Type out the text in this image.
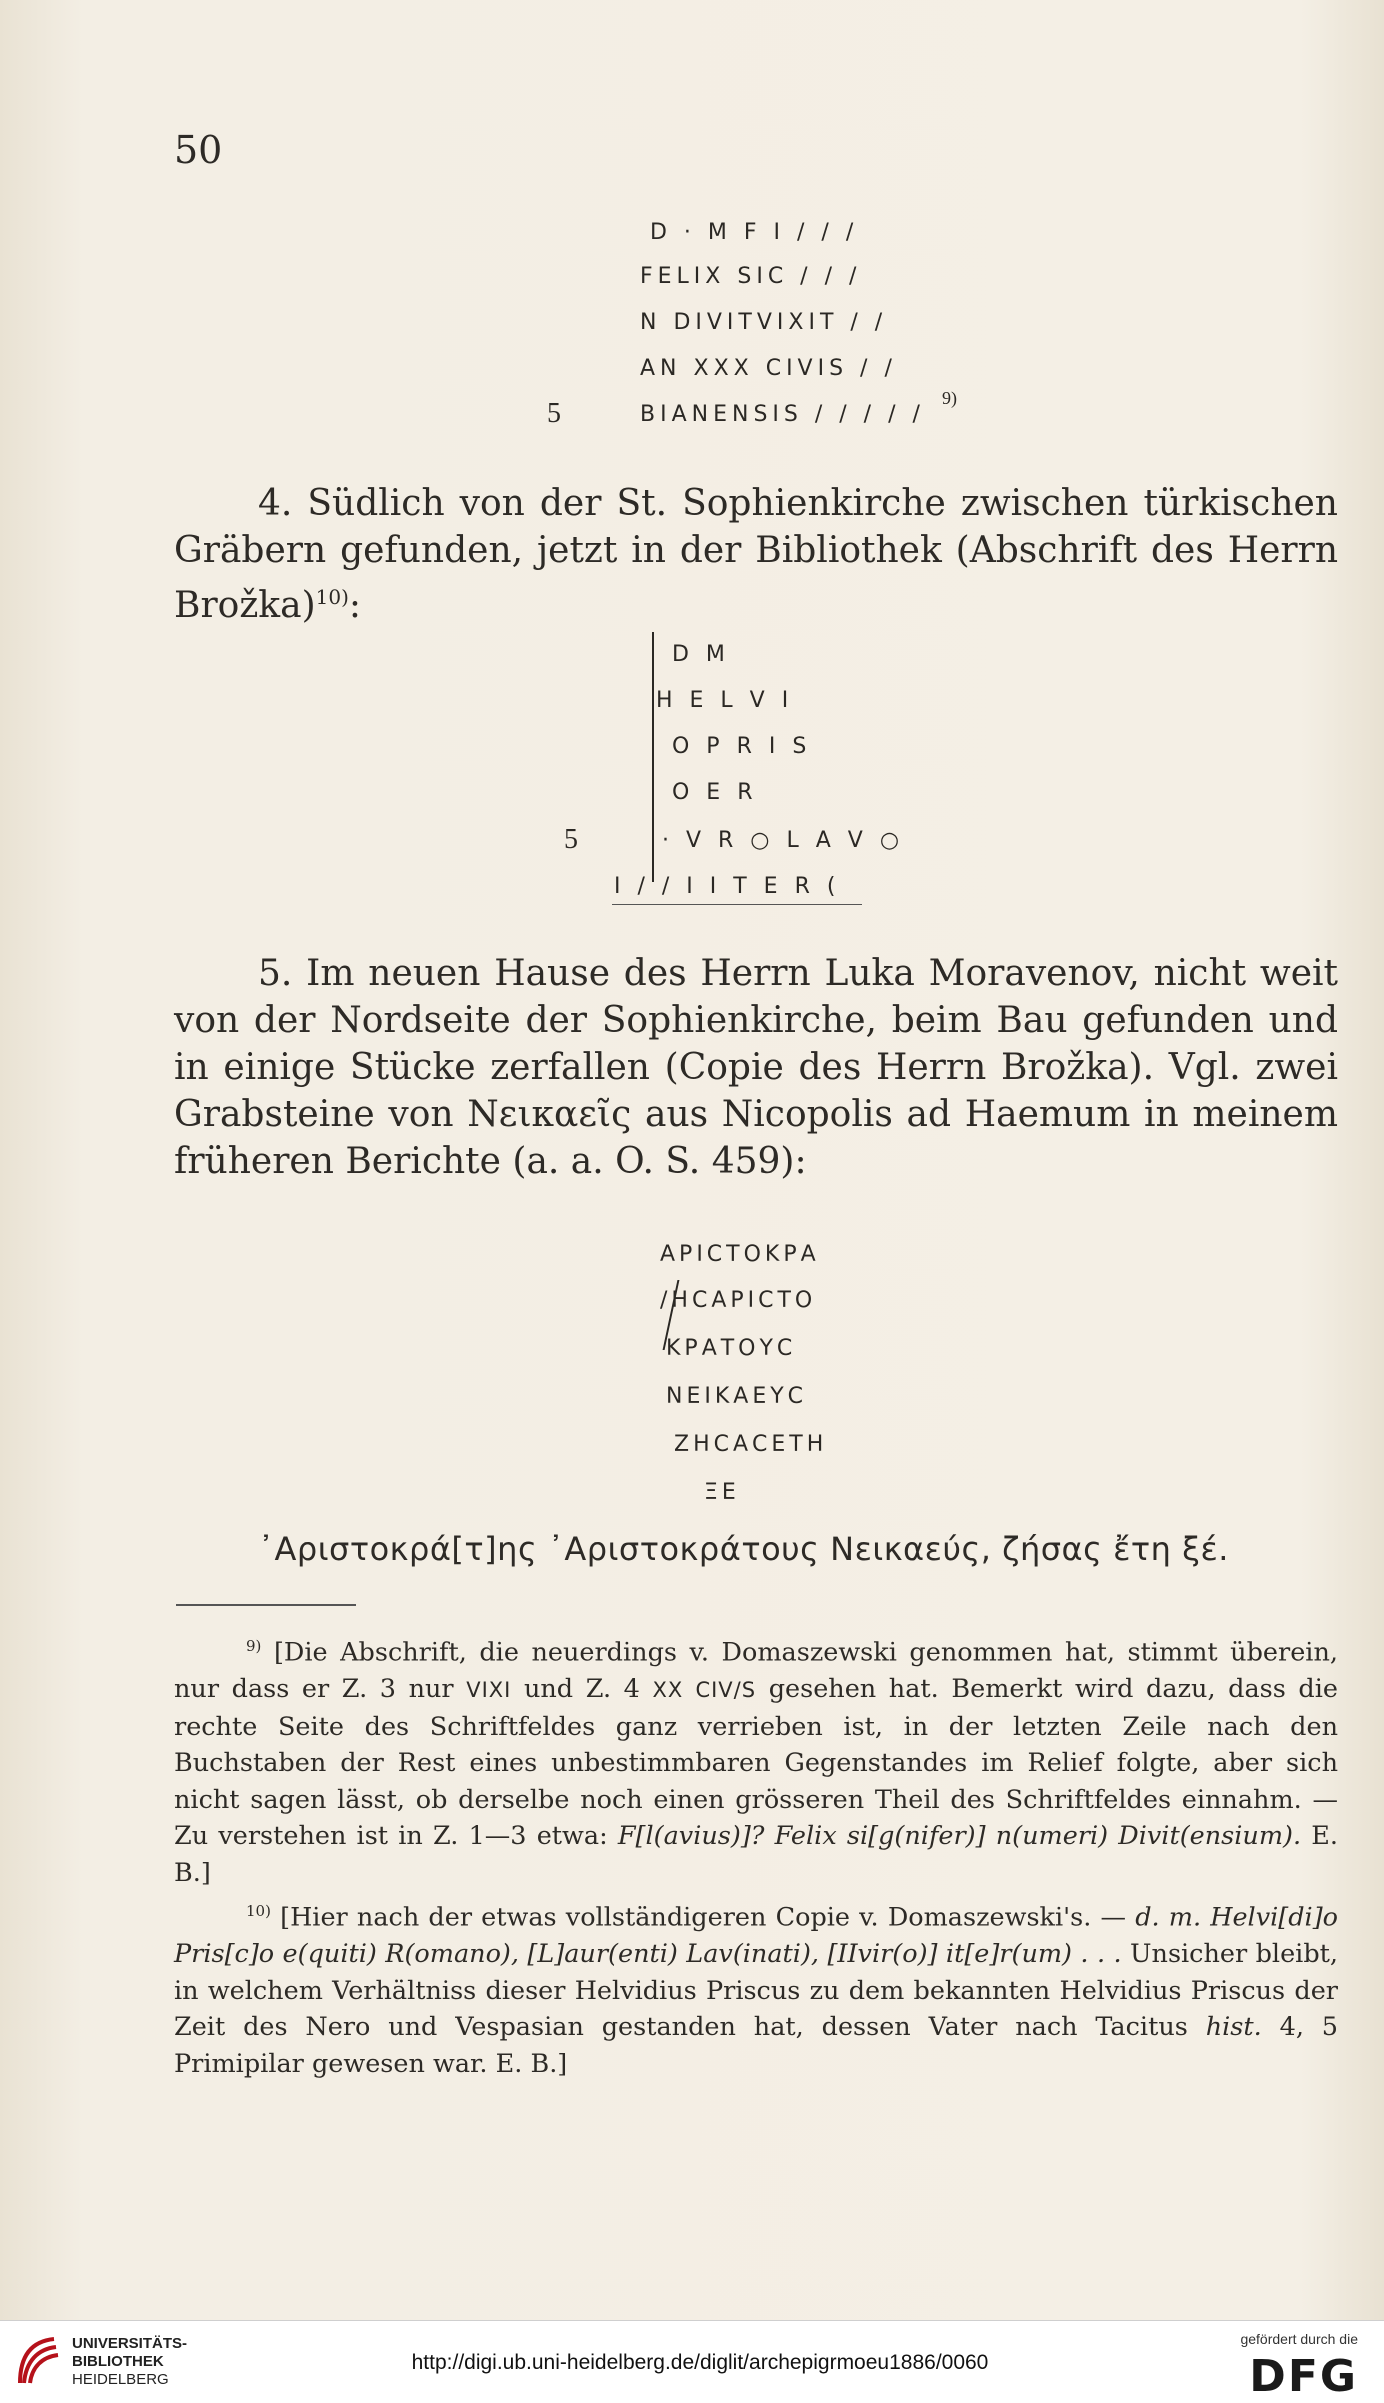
50
D · M F I / / /
FELIX SIC / / /
N DIVITVIXIT / /
AN XXX CIVIS / /
BIANENSIS / / / / /
5	9)

4. Südlich von der St. Sophienkirche zwischen türkischen Gräbern gefunden, jetzt in der Bibliothek (Abschrift des Herrn Brožka)$^{10)}$:

D M
H E L V I
O P R I S
O E R
· V R ○ L A V ○
I / / I I T E R (
5

5. Im neuen Hause des Herrn Luka Moravenov, nicht weit von der Nordseite der Sophienkirche, beim Bau gefunden und in einige Stücke zerfallen (Copie des Herrn Brožka). Vgl. zwei Grabsteine von Νεικαεῖς aus Nicopolis ad Haemum in meinem früheren Berichte (a. a. O. S. 459):

ΑΡΙCΤΟΚΡΑ
/ΗCΑΡΙCΤΟ
ΚΡΑΤΟΥC
ΝΕΙΚΑΕΥC
ΖΗCΑCΕΤΗ
ΞΕ
᾿Αριστοκρά[τ]ης ᾿Αριστοκράτους Νεικαεύς, ζήσας ἔτη ξέ.

$^{9)}$ [Die Abschrift, die neuerdings v. Domaszewski genommen hat, stimmt überein, nur dass er Z. 3 nur VIXI und Z. 4 XX CIV/S gesehen hat. Bemerkt wird dazu, dass die rechte Seite des Schriftfeldes ganz verrieben ist, in der letzten Zeile nach den Buchstaben der Rest eines unbestimmbaren Gegenstandes im Relief folgte, aber sich nicht sagen lässt, ob derselbe noch einen grösseren Theil des Schriftfeldes einnahm. — Zu verstehen ist in Z. 1—3 etwa: F[l(avius)]? Felix si[g(nifer)] n(umeri) Divit(ensium). E. B.]

$^{10)}$ [Hier nach der etwas vollständigeren Copie v. Domaszewski's. — d. m. Helvi[di]o Pris[c]o e(quiti) R(omano), [L]aur(enti) Lav(inati), [IIvir(o)] it[e]r(um) . . . Unsicher bleibt, in welchem Verhältniss dieser Helvidius Priscus zu dem bekannten Helvidius Priscus der Zeit des Nero und Vespasian gestanden hat, dessen Vater nach Tacitus hist. 4, 5 Primipilar gewesen war. E. B.]

UNIVERSITÄTS-
BIBLIOTHEK
HEIDELBERG
http://digi.ub.uni-heidelberg.de/diglit/archepigrmoeu1886/0060
gefördert durch die
DFG
